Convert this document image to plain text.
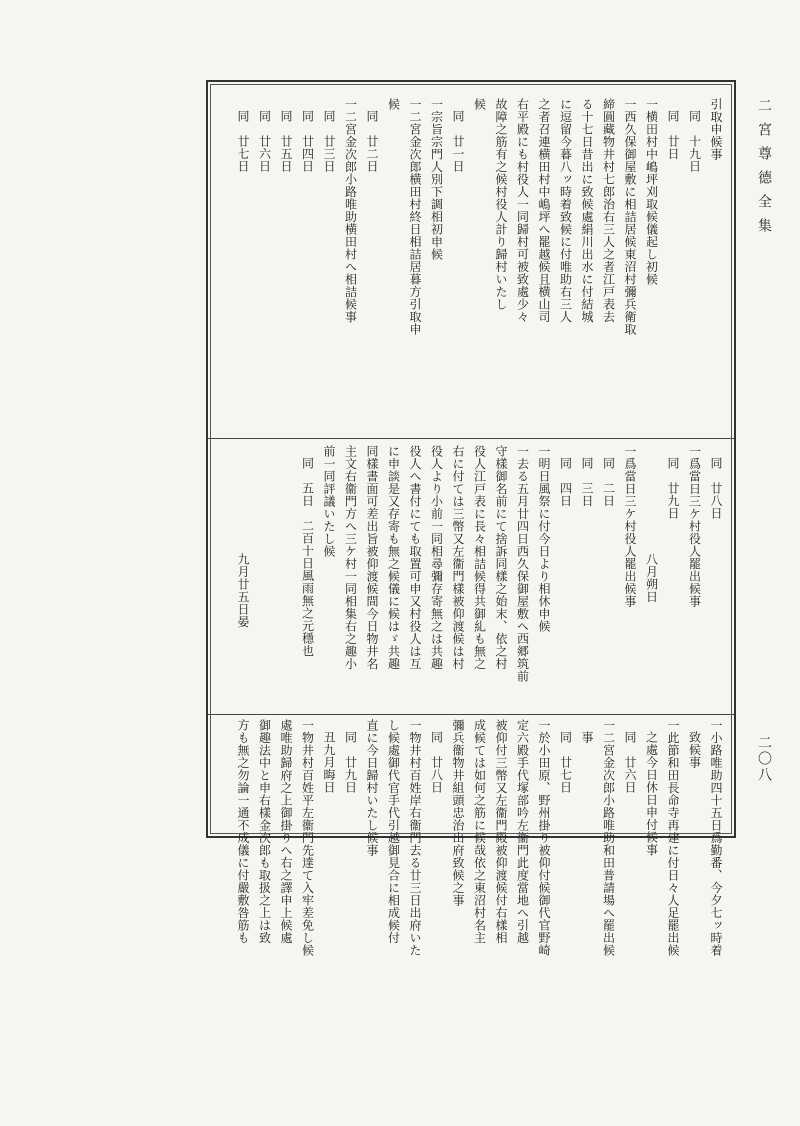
二宮尊德全集
引取申候事
同　十九日
同　廿日
一横田村中嶋坪刈取候儀起し初候
一西久保御屋敷に相詰居候東沼村彌兵衛取
締圓藏物井村七郎治右三人之者江戸表去
る十七日昔出に致候處絹川出水に付結城
に逗留今暮八ッ時着致候に付唯助右三人
之者召連横田村中嶋坪へ罷越候且横山司
右平殿にも村役人一同歸村可被致處少々
故障之筋有之候村役人計り歸村いたし
候
同　廿一日
一宗旨宗門人別下調相初申候
一二宮金次郎横田村終日相詰居暮方引取申
候
同　廿二日
一二宮金次郎小路唯助横田村へ相詰候事
同　廿三日
同　廿四日
同　廿五日
同　廿六日
同　廿七日
同　廿八日
一爲當日三ケ村役人罷出候事
同　廿九日
八月朔日
一爲當日三ケ村役人罷出候事
同　二日
同　三日
同　四日
一明日風祭に付今日より相休申候
一去る五月廿四日西久保御屋敷へ西郷筑前
守樣御名前にて捨訴同樣之始末、依之村
役人江戸表に長々相詰候得共御糺も無之
右に付ては三幣又左衞門樣被仰渡候は村
役人より小前一同相尋彌存寄無之は共趣
役人へ書付にても取置可申又村役人は互
に申談是又存寄も無之候儀に候はゞ共趣
同樣書面可差出旨被仰渡候間今日物井名
主文右衞門方へ三ケ村一同相集右之趣小
前一同評議いたし候
同　五日　二百十日風雨無之元穩也
九月廿五日晏
一小路唯助四十五日爲勤番、今夕七ッ時着
致候事
一此節和田長命寺再建に付日々人足罷出候
之處今日休日申付候事
同　廿六日
一二宮金次郎小路唯助和田普請場へ罷出候
事
同　廿七日
一於小田原、野州掛り被仰付候御代官野崎
定六殿手代塚部吟左衞門此度當地へ引越
被仰付三幣又左衞門殿被仰渡候付右樣相
成候ては如何之筋に候哉依之東沼村名主
彌兵衞物井組頭忠治出府致候之事
同　廿八日
一物井村百姓岸右衞門去る廿三日出府いた
し候處御代官手代引越御見合に相成候付
直に今日歸村いたし候事
同　廿九日
丑九月晦日
一物井村百姓平左衞門先達て入牢差免し候
處唯助歸府之上御掛りへ右之譯申上候處
御趣法中と申右樣金次郎も取扱之上は致
方も無之勿論一通不成儀に付嚴敷咎筋も	二〇八
